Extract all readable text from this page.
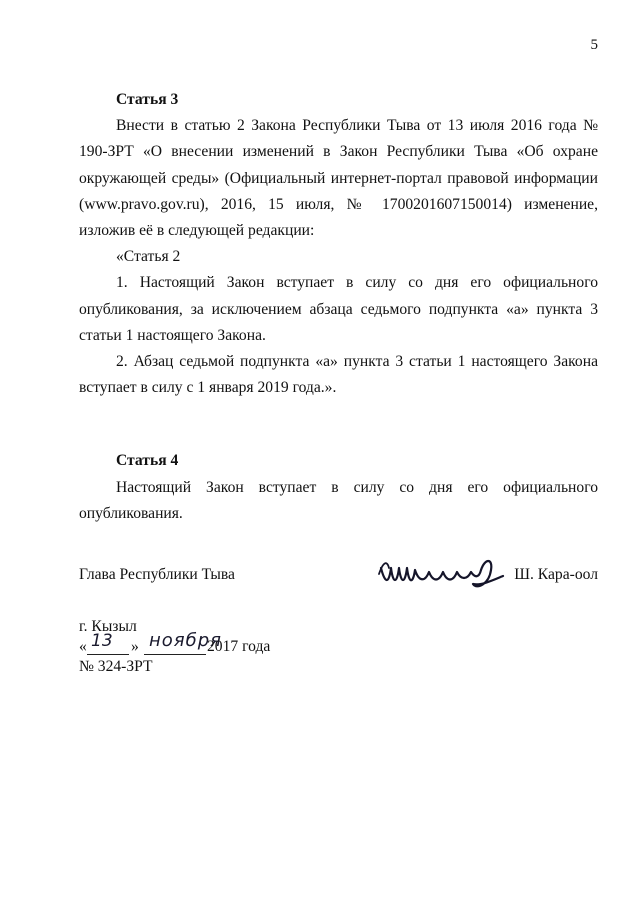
5

Статья 3

Внести в статью 2 Закона Республики Тыва от 13 июля 2016 года № 190-ЗРТ «О внесении изменений в Закон Республики Тыва «Об охране окружающей среды» (Официальный интернет-портал правовой информации (www.pravo.gov.ru), 2016, 15 июля, № 1700201607150014) изменение, изложив её в следующей редакции:

«Статья 2

1. Настоящий Закон вступает в силу со дня его официального опубликования, за исключением абзаца седьмого подпункта «а» пункта 3 статьи 1 настоящего Закона.

2. Абзац седьмой подпункта «а» пункта 3 статьи 1 настоящего Закона вступает в силу с 1 января 2019 года.».

Статья 4

Настоящий Закон вступает в силу со дня его официального опубликования.

Глава Республики Тыва	Ш. Кара-оол
г. Кызыл
« 13 » ноября
2017 года
№ 324-ЗРТ
